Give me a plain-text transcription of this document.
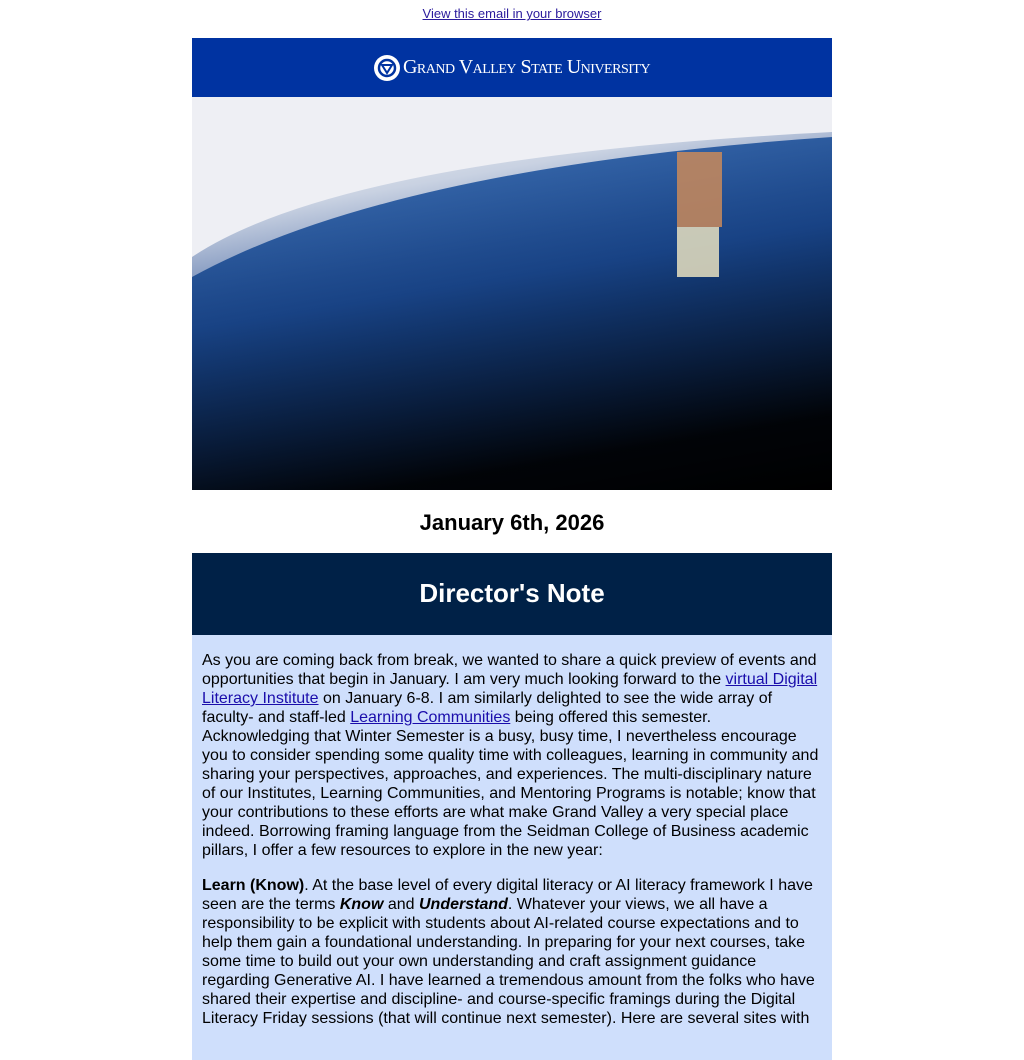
View this email in your browser
Grand Valley State University
January 6th, 2026
Director's Note

As you are coming back from break, we wanted to share a quick preview of events and opportunities that begin in January. I am very much looking forward to the virtual Digital Literacy Institute on January 6-8. I am similarly delighted to see the wide array of faculty- and staff-led Learning Communities being offered this semester. Acknowledging that Winter Semester is a busy, busy time, I nevertheless encourage you to consider spending some quality time with colleagues, learning in community and sharing your perspectives, approaches, and experiences. The multi-disciplinary nature of our Institutes, Learning Communities, and Mentoring Programs is notable; know that your contributions to these efforts are what make Grand Valley a very special place indeed. Borrowing framing language from the Seidman College of Business academic pillars, I offer a few resources to explore in the new year:

Learn (Know). At the base level of every digital literacy or AI literacy framework I have seen are the terms Know and Understand. Whatever your views, we all have a responsibility to be explicit with students about AI-related course expectations and to help them gain a foundational understanding. In preparing for your next courses, take some time to build out your own understanding and craft assignment guidance regarding Generative AI. I have learned a tremendous amount from the folks who have shared their expertise and discipline- and course-specific framings during the Digital Literacy Friday sessions (that will continue next semester). Here are several sites with
